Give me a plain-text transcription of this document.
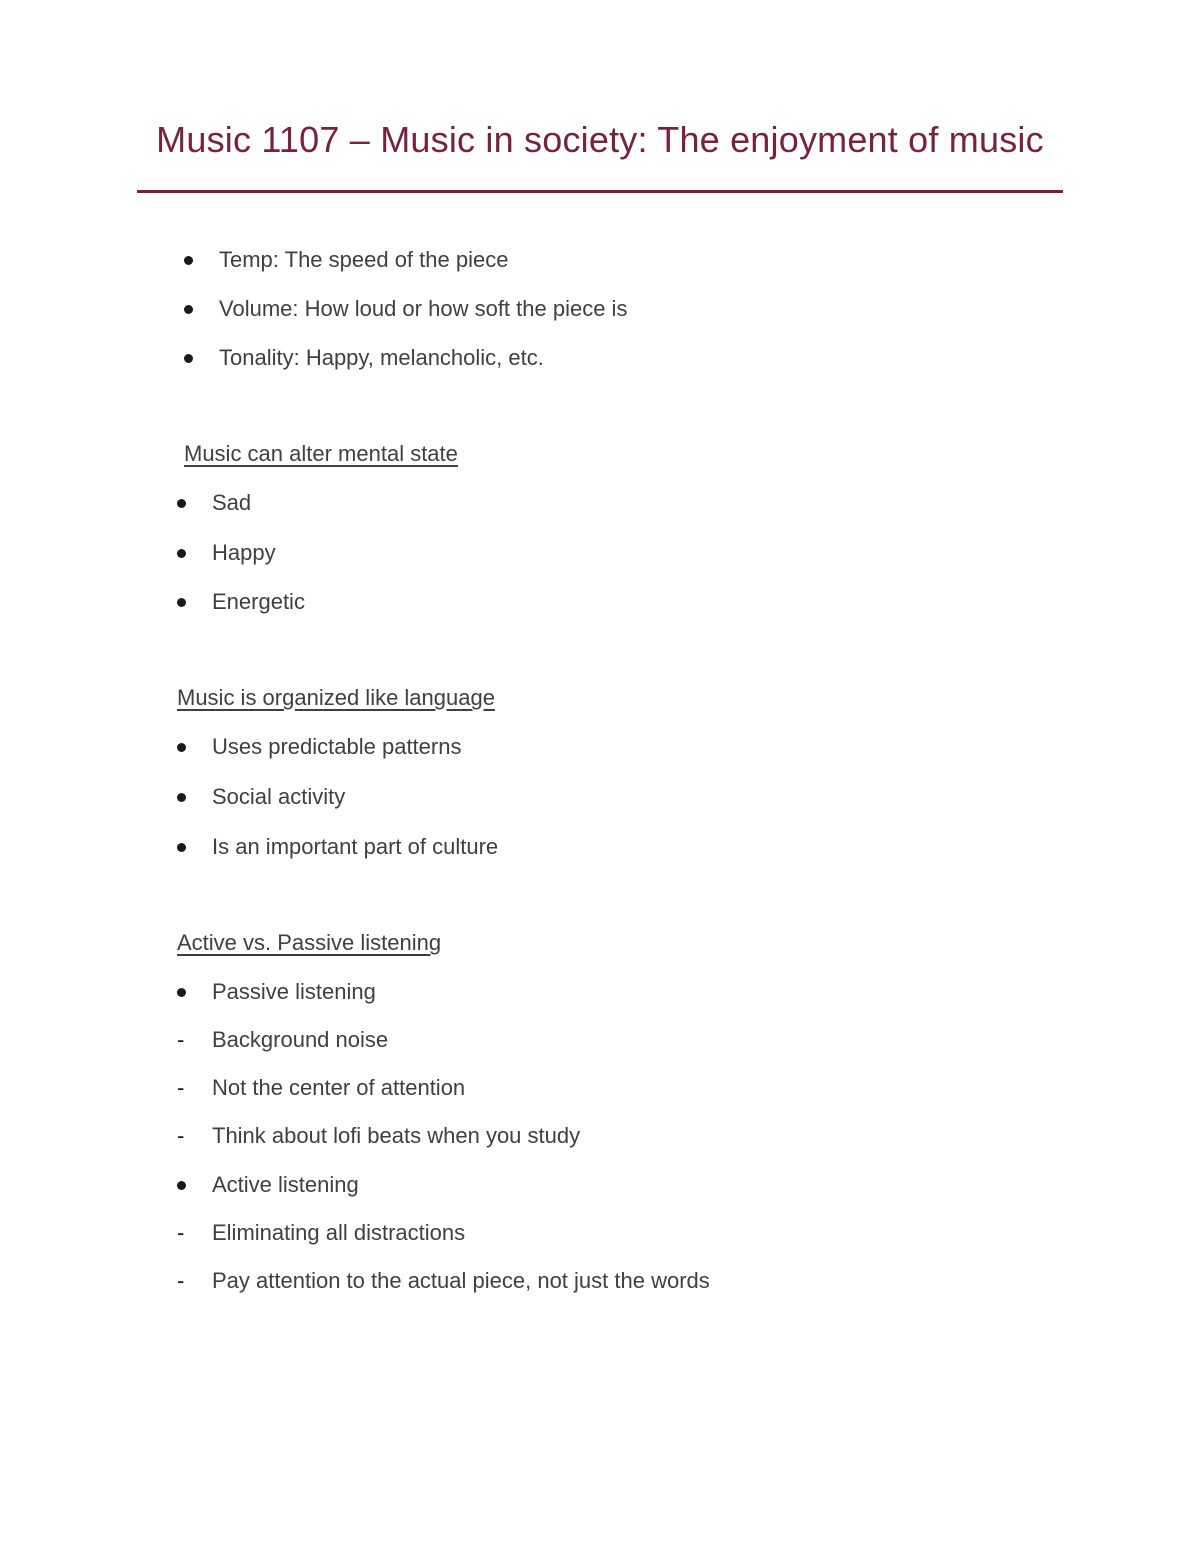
Music 1107 – Music in society: The enjoyment of music
Temp: The speed of the piece
Volume: How loud or how soft the piece is
Tonality: Happy, melancholic, etc.
Music can alter mental state
Sad
Happy
Energetic
Music is organized like language
Uses predictable patterns
Social activity
Is an important part of culture
Active vs. Passive listening
Passive listening
- Background noise
- Not the center of attention
- Think about lofi beats when you study
Active listening
- Eliminating all distractions
- Pay attention to the actual piece, not just the words
